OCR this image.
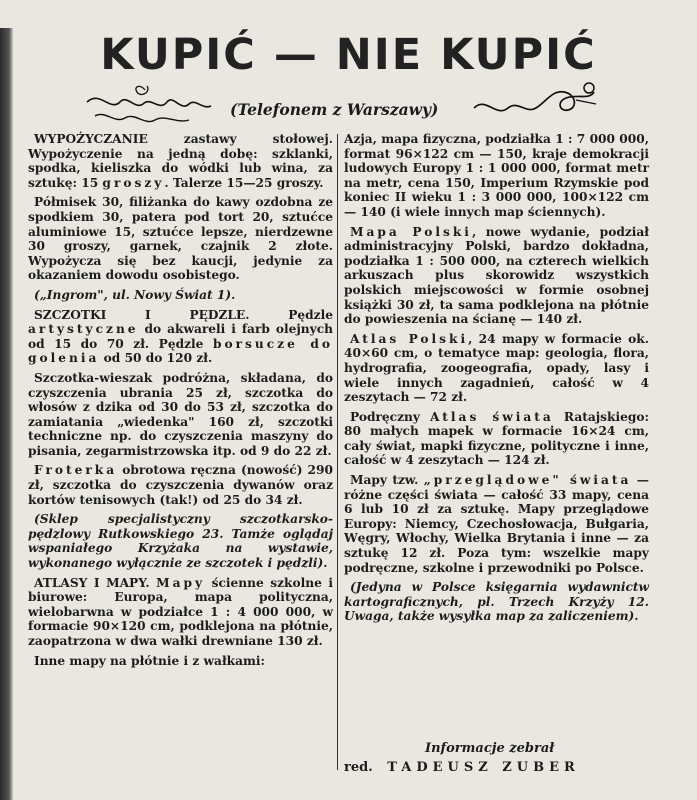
KUPIĆ — NIE KUPIĆ
(Telefonem z Warszawy)

WYPOŻYCZANIE zastawy stołowej. Wypożyczenie na jedną dobę: szklanki, spodka, kieliszka do wódki lub wina, za sztukę: 15 groszy. Talerze 15—25 groszy.

Półmisek 30, filiżanka do kawy ozdobna ze spodkiem 30, patera pod tort 20, sztućce aluminiowe 15, sztućce lepsze, nierdzewne 30 groszy, garnek, czajnik 2 złote. Wypożycza się bez kaucji, jedynie za okazaniem dowodu osobistego.

(„Ingrom", ul. Nowy Świat 1).

SZCZOTKI I PĘDZLE. Pędzle artystyczne do akwareli i farb olejnych od 15 do 70 zł. Pędzle borsucze do golenia od 50 do 120 zł.

Szczotka-wieszak podróżna, składana, do czyszczenia ubrania 25 zł, szczotka do włosów z dzika od 30 do 53 zł, szczotka do zamiatania „wiedenka" 160 zł, szczotki techniczne np. do czyszczenia maszyny do pisania, zegarmistrzowska itp. od 9 do 22 zł.

Froterka obrotowa ręczna (nowość) 290 zł, szczotka do czyszczenia dywanów oraz kortów tenisowych (tak!) od 25 do 34 zł.

(Sklep specjalistyczny szczotkarsko-pędzlowy Rutkowskiego 23. Tamże oglądaj wspaniałego Krzyżaka na wystawie, wykonanego wyłącznie ze szczotek i pędzli).

ATLASY I MAPY. Mapy ścienne szkolne i biurowe: Europa, mapa polityczna, wielobarwna w podziałce 1 : 4 000 000, w formacie 90×120 cm, podklejona na płótnie, zaopatrzona w dwa wałki drewniane 130 zł.

Inne mapy na płótnie i z wałkami:

Azja, mapa fizyczna, podziałka 1 : 7 000 000, format 96×122 cm — 150, kraje demokracji ludowych Europy 1 : 1 000 000, format metr na metr, cena 150, Imperium Rzymskie pod koniec II wieku 1 : 3 000 000, 100×122 cm — 140 (i wiele innych map ściennych).

Mapa Polski, nowe wydanie, podział administracyjny Polski, bardzo dokładna, podziałka 1 : 500 000, na czterech wielkich arkuszach plus skorowidz wszystkich polskich miejscowości w formie osobnej książki 30 zł, ta sama podklejona na płótnie do powieszenia na ścianę — 140 zł.

Atlas Polski, 24 mapy w formacie ok. 40×60 cm, o tematyce map: geologia, flora, hydrografia, zoogeografia, opady, lasy i wiele innych zagadnień, całość w 4 zeszytach — 72 zł.

Podręczny Atlas świata Ratajskiego: 80 małych mapek w formacie 16×24 cm, cały świat, mapki fizyczne, polityczne i inne, całość w 4 zeszytach — 124 zł.

Mapy tzw. „przeglądowe" świata — różne części świata — całość 33 mapy, cena 6 lub 10 zł za sztukę. Mapy przeglądowe Europy: Niemcy, Czechosłowacja, Bułgaria, Węgry, Włochy, Wielka Brytania i inne — za sztukę 12 zł. Poza tym: wszelkie mapy podręczne, szkolne i przewodniki po Polsce.

(Jedyna w Polsce księgarnia wydawnictw kartograficznych, pl. Trzech Krzyży 12. Uwaga, także wysyłka map za zaliczeniem).

Informacje zebrał
red. TADEUSZ ZUBER
